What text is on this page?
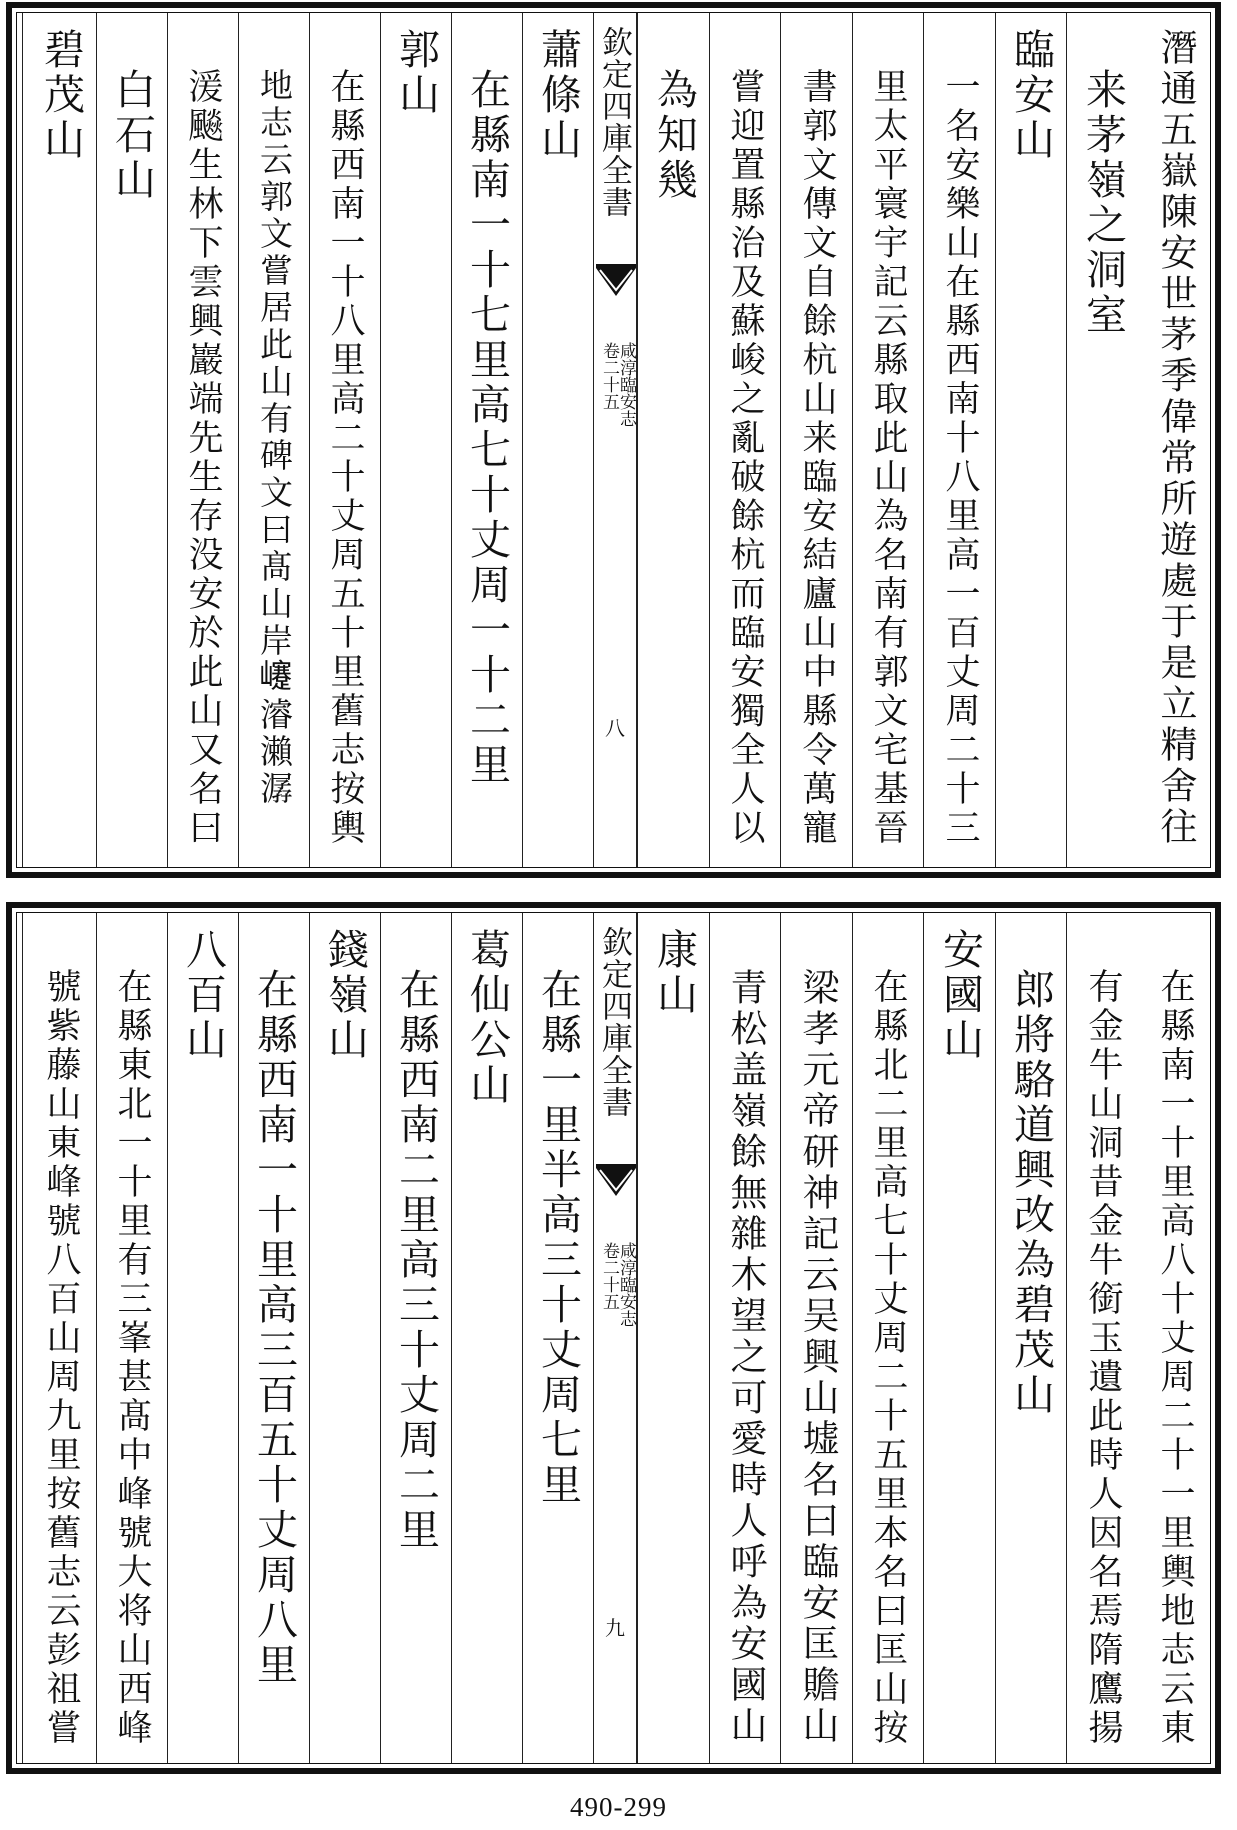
潛通五嶽陳安世茅季偉常所遊處于是立精舍往
来茅嶺之洞室
臨安山
一名安樂山在縣西南十八里高一百丈周二十三
里太平寰宇記云縣取此山為名南有郭文宅基晉
書郭文傳文自餘杭山来臨安結廬山中縣令萬寵
嘗迎置縣治及蘇峻之亂破餘杭而臨安獨全人以
為知幾
欽定四庫全書
咸淳臨安志
卷二十五
八
蕭條山
在縣南一十七里高七十丈周一十二里
郭山
在縣西南一十八里高二十丈周五十里舊志按輿
地志云郭文嘗居此山有碑文曰髙山岸𡾰濬瀨潺
湲飈生林下雲興巖端先生存没安於此山又名曰
白石山
碧茂山
在縣南一十里高八十丈周二十一里輿地志云東
有金牛山洞昔金牛銜玉遺此時人因名焉隋鷹揚
郎將駱道興改為碧茂山
安國山
在縣北二里高七十丈周二十五里本名曰匡山按
梁孝元帝研神記云吴興山墟名曰臨安匡贍山
青松盖嶺餘無雜木望之可愛時人呼為安國山
康山
欽定四庫全書
咸淳臨安志
卷二十五
九
在縣一里半高三十丈周七里
葛仙公山
在縣西南二里高三十丈周二里
錢嶺山
在縣西南一十里高三百五十丈周八里
八百山
在縣東北一十里有三峯甚髙中峰號大将山西峰
號紫藤山東峰號八百山周九里按舊志云彭祖嘗
490-299
